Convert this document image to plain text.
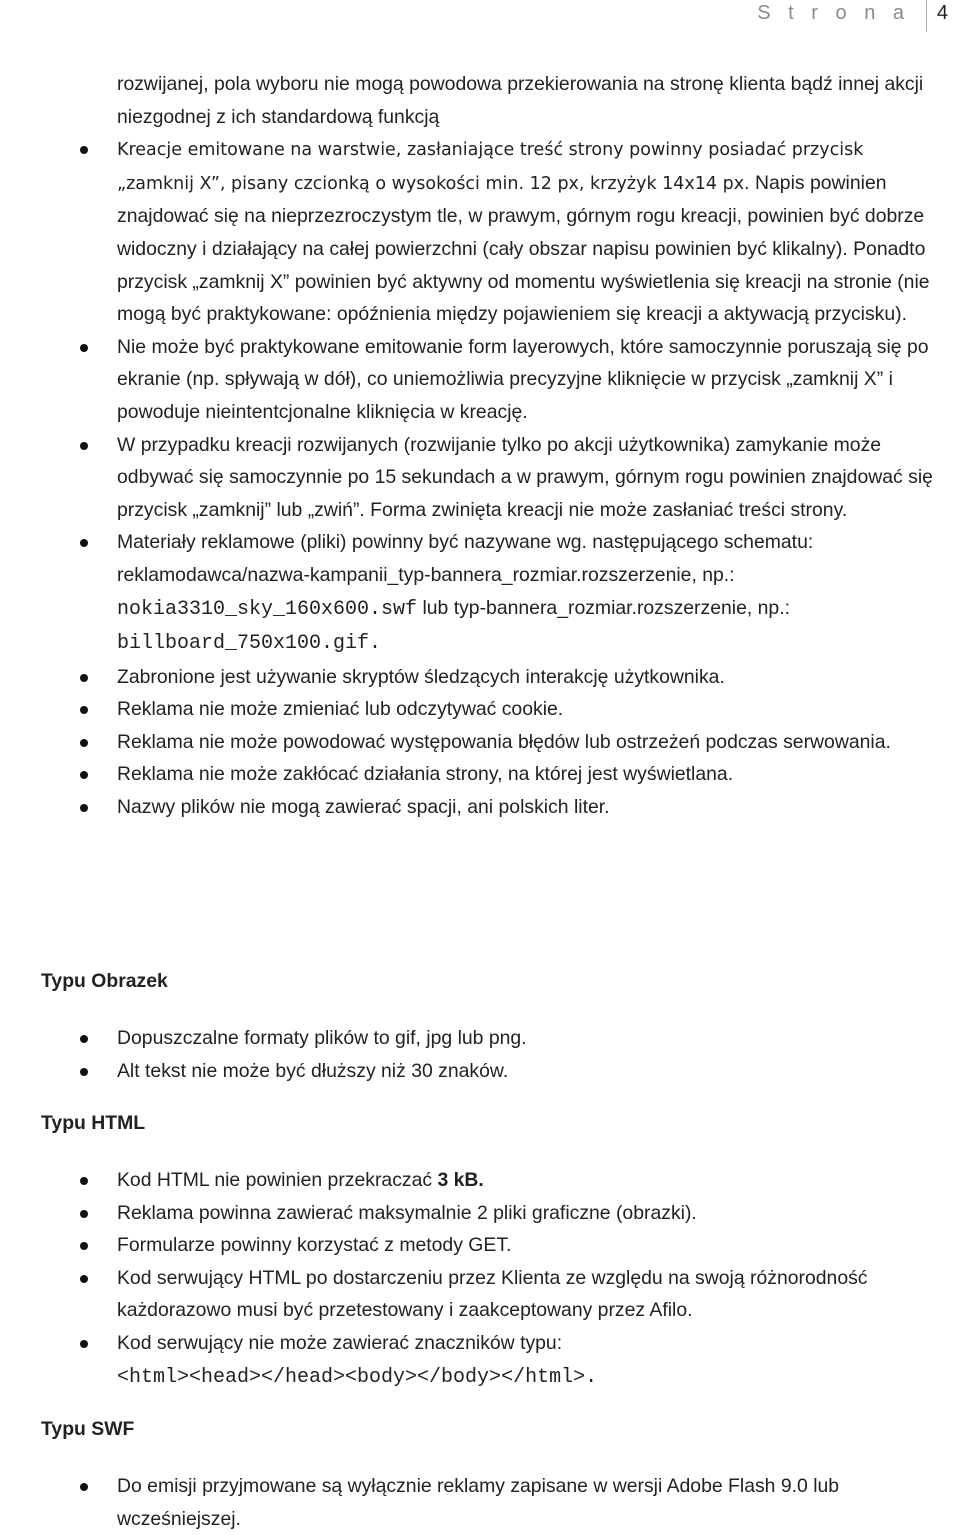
S t r o n a 4
rozwijanej, pola wyboru nie mogą powodowa przekierowania na stronę klienta bądź innej akcji niezgodnej z ich standardową funkcją
Kreacje emitowane na warstwie, zasłaniające treść strony powinny posiadać przycisk „zamknij X”, pisany czcionką o wysokości min. 12 px, krzyżyk 14x14 px. Napis powinien znajdować się na nieprzezroczystym tle, w prawym, górnym rogu kreacji, powinien być dobrze widoczny i działający na całej powierzchni (cały obszar napisu powinien być klikalny). Ponadto przycisk „zamknij X” powinien być aktywny od momentu wyświetlenia się kreacji na stronie (nie mogą być praktykowane: opóźnienia między pojawieniem się kreacji a aktywacją przycisku).
Nie może być praktykowane emitowanie form layerowych, które samoczynnie poruszają się po ekranie (np. spływają w dół), co uniemożliwia precyzyjne kliknięcie w przycisk „zamknij X” i powoduje nieintentcjonalne kliknięcia w kreację.
W przypadku kreacji rozwijanych (rozwijanie tylko po akcji użytkownika) zamykanie może odbywać się samoczynnie po 15 sekundach a w prawym, górnym rogu powinien znajdować się przycisk „zamknij” lub „zwiń”. Forma zwinięta kreacji nie może zasłaniać treści strony.
Materiały reklamowe (pliki) powinny być nazywane wg. następującego schematu: reklamodawca/nazwa-kampanii_typ-bannera_rozmiar.rozszerzenie, np.: nokia3310_sky_160x600.swf lub typ-bannera_rozmiar.rozszerzenie, np.: billboard_750x100.gif.
Zabronione jest używanie skryptów śledzących interakcję użytkownika.
Reklama nie może zmieniać lub odczytywać cookie.
Reklama nie może powodować występowania błędów lub ostrzeżeń podczas serwowania.
Reklama nie może zakłócać działania strony, na której jest wyświetlana.
Nazwy plików nie mogą zawierać spacji, ani polskich liter.
Typu Obrazek
Dopuszczalne formaty plików to gif, jpg lub png.
Alt tekst nie może być dłuższy niż 30 znaków.
Typu HTML
Kod HTML nie powinien przekraczać 3 kB.
Reklama powinna zawierać maksymalnie 2 pliki graficzne (obrazki).
Formularze powinny korzystać z metody GET.
Kod serwujący HTML po dostarczeniu przez Klienta ze względu na swoją różnorodność każdorazowo musi być przetestowany i zaakceptowany przez Afilo.
Kod serwujący nie może zawierać znaczników typu:
<html><head></head><body></body></html>.
Typu SWF
Do emisji przyjmowane są wyłącznie reklamy zapisane w wersji Adobe Flash 9.0 lub wcześniejszej.
